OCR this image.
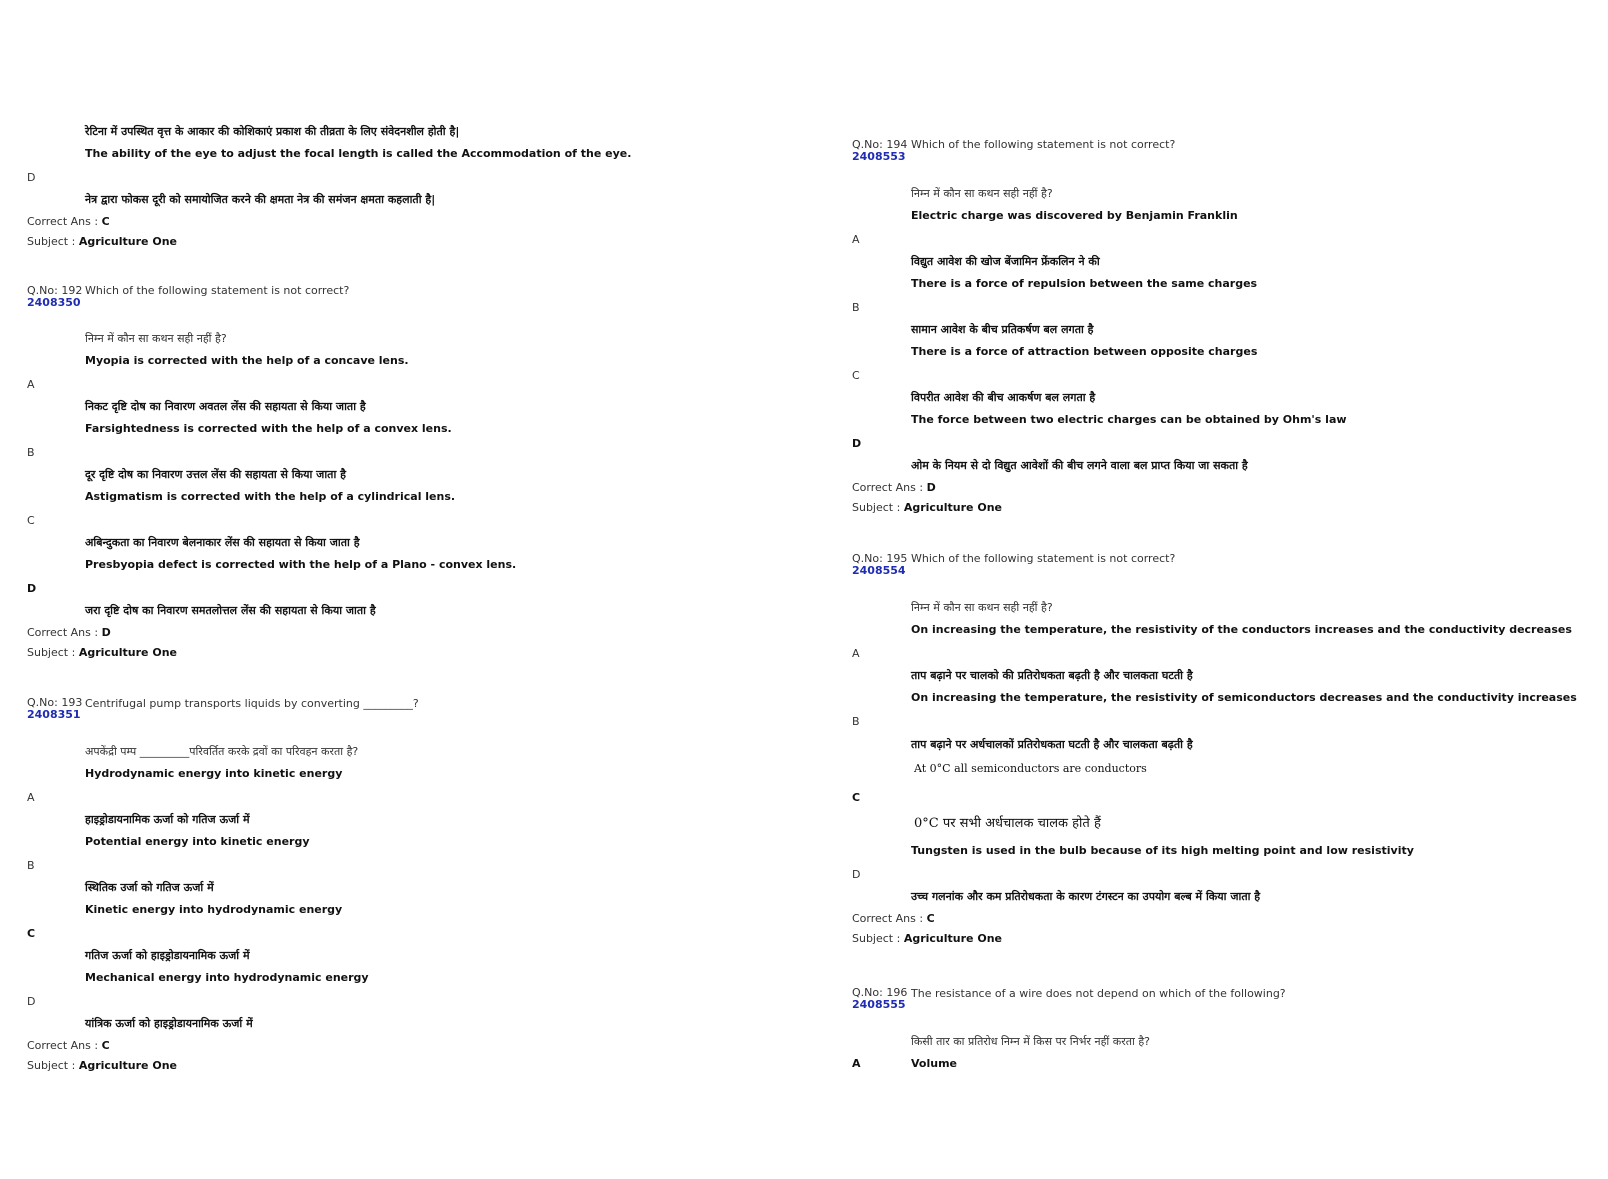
रेटिना में उपस्थित वृत्त के आकार की कोशिकाएं प्रकाश की तीव्रता के लिए संवेदनशील होती है|
The ability of the eye to adjust the focal length is called the Accommodation of the eye.
D
नेत्र द्वारा फोकस दूरी को समायोजित करने की क्षमता नेत्र की समंजन क्षमता कहलाती है|
Correct Ans : C
Subject : Agriculture One
Q.No: 192 Which of the following statement is not correct?
2408350
निम्न में कौन सा कथन सही नहीं है?
Myopia is corrected with the help of a concave lens.
A
निकट दृष्टि दोष का निवारण अवतल लेंस की सहायता से किया जाता है
Farsightedness is corrected with the help of a convex lens.
B
दूर दृष्टि दोष का निवारण उत्तल लेंस की सहायता से किया जाता है
Astigmatism is corrected with the help of a cylindrical lens.
C
अबिन्दुकता का निवारण बेलनाकार लेंस की सहायता से किया जाता है
Presbyopia defect is corrected with the help of a Plano - convex lens.
D
जरा दृष्टि दोष का निवारण समतलोत्तल लेंस की सहायता से किया जाता है
Correct Ans : D
Subject : Agriculture One
Q.No: 193 Centrifugal pump transports liquids by converting _________?
2408351
अपकेंद्री पम्प _________परिवर्तित करके द्रवों का परिवहन करता है?
Hydrodynamic energy into kinetic energy
A
हाइड्रोडायनामिक ऊर्जा को गतिज ऊर्जा में
Potential energy into kinetic energy
B
स्थितिक उर्जा को गतिज ऊर्जा में
Kinetic energy into hydrodynamic energy
C
गतिज ऊर्जा को हाइड्रोडायनामिक ऊर्जा में
Mechanical energy into hydrodynamic energy
D
यांत्रिक ऊर्जा को हाइड्रोडायनामिक ऊर्जा में
Correct Ans : C
Subject : Agriculture One
Q.No: 194 Which of the following statement is not correct?
2408553
निम्न में कौन सा कथन सही नहीं है?
Electric charge was discovered by Benjamin Franklin
A
विद्युत आवेश की खोज बेंजामिन फ्रेंकलिन ने की
There is a force of repulsion between the same charges
B
सामान आवेश के बीच प्रतिकर्षण बल लगता है
There is a force of attraction between opposite charges
C
विपरीत आवेश की बीच आकर्षण बल लगता है
The force between two electric charges can be obtained by Ohm's law
D
ओम के नियम से दो विद्युत आवेशों की बीच लगने वाला बल प्राप्त किया जा सकता है
Correct Ans : D
Subject : Agriculture One
Q.No: 195 Which of the following statement is not correct?
2408554
निम्न में कौन सा कथन सही नहीं है?
On increasing the temperature, the resistivity of the conductors increases and the conductivity decreases
A
ताप बढ़ाने पर चालको की प्रतिरोधकता बढ़ती है और चालकता घटती है
On increasing the temperature, the resistivity of semiconductors decreases and the conductivity increases
B
ताप बढ़ाने पर अर्धचालकों प्रतिरोधकता घटती है और चालकता बढ़ती है
At 0°C all semiconductors are conductors
C
0°C पर सभी अर्धचालक चालक होते हैं
Tungsten is used in the bulb because of its high melting point and low resistivity
D
उच्च गलनांक और कम प्रतिरोधकता के कारण टंगस्टन का उपयोग बल्ब में किया जाता है
Correct Ans : C
Subject : Agriculture One
Q.No: 196 The resistance of a wire does not depend on which of the following?
2408555
किसी तार का प्रतिरोध निम्न में किस पर निर्भर नहीं करता है?
A	Volume
